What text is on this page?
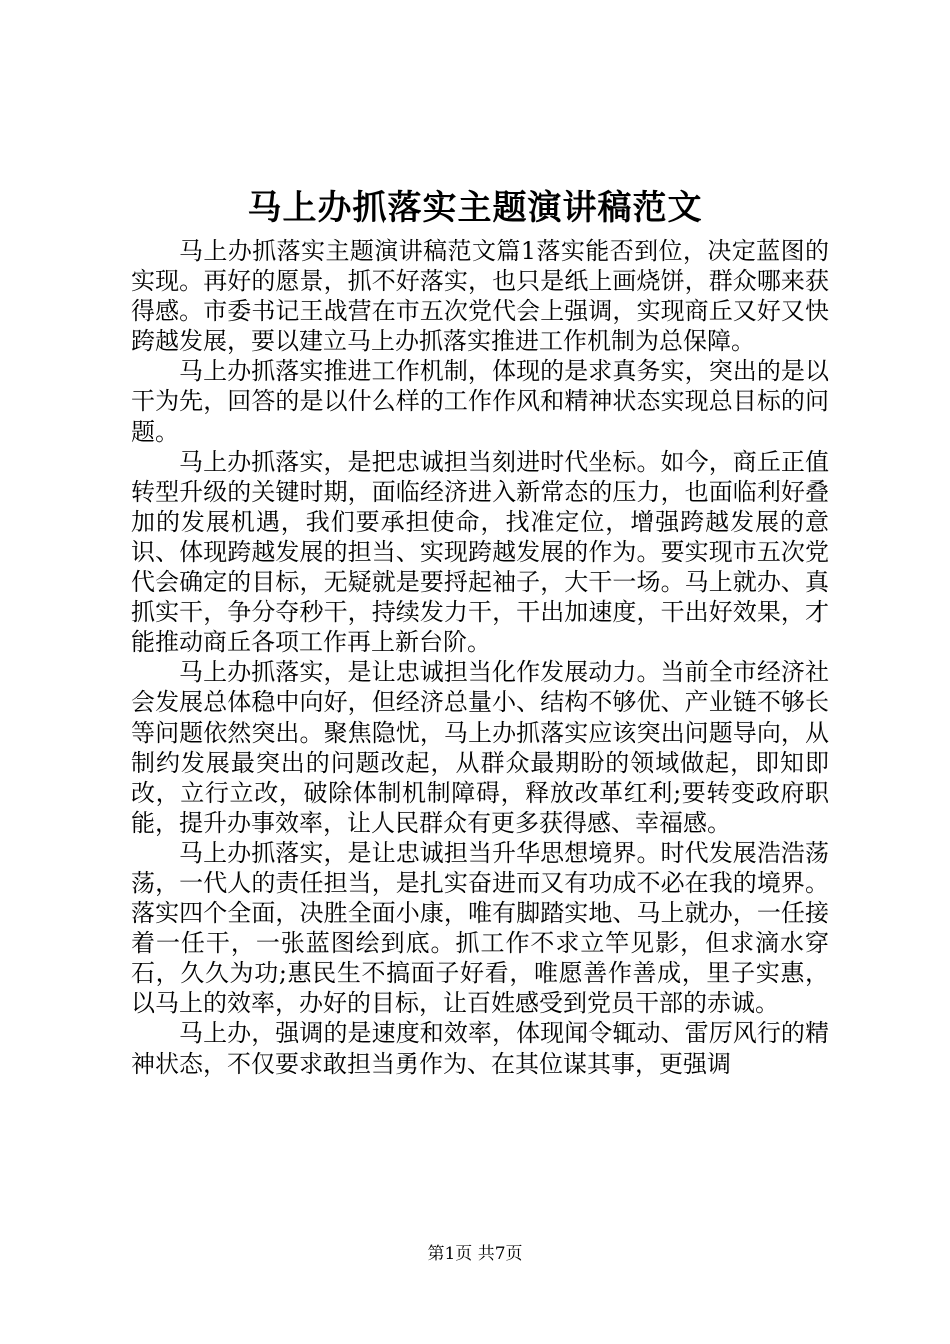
马上办抓落实主题演讲稿范文

马上办抓落实主题演讲稿范文篇1落实能否到位，决定蓝图的实现。再好的愿景，抓不好落实，也只是纸上画烧饼，群众哪来获得感。市委书记王战营在市五次党代会上强调，实现商丘又好又快跨越发展，要以建立马上办抓落实推进工作机制为总保障。

马上办抓落实推进工作机制，体现的是求真务实，突出的是以干为先，回答的是以什么样的工作作风和精神状态实现总目标的问题。

马上办抓落实，是把忠诚担当刻进时代坐标。如今，商丘正值转型升级的关键时期，面临经济进入新常态的压力，也面临利好叠加的发展机遇，我们要承担使命，找准定位，增强跨越发展的意识、体现跨越发展的担当、实现跨越发展的作为。要实现市五次党代会确定的目标，无疑就是要捋起袖子，大干一场。马上就办、真抓实干，争分夺秒干，持续发力干，干出加速度，干出好效果，才能推动商丘各项工作再上新台阶。

马上办抓落实，是让忠诚担当化作发展动力。当前全市经济社会发展总体稳中向好，但经济总量小、结构不够优、产业链不够长等问题依然突出。聚焦隐忧，马上办抓落实应该突出问题导向，从制约发展最突出的问题改起，从群众最期盼的领域做起，即知即改，立行立改，破除体制机制障碍，释放改革红利;要转变政府职能，提升办事效率，让人民群众有更多获得感、幸福感。

马上办抓落实，是让忠诚担当升华思想境界。时代发展浩浩荡荡，一代人的责任担当，是扎实奋进而又有功成不必在我的境界。落实四个全面，决胜全面小康，唯有脚踏实地、马上就办，一任接着一任干，一张蓝图绘到底。抓工作不求立竿见影，但求滴水穿石，久久为功;惠民生不搞面子好看，唯愿善作善成，里子实惠，以马上的效率，办好的目标，让百姓感受到党员干部的赤诚。

马上办，强调的是速度和效率，体现闻令辄动、雷厉风行的精神状态，不仅要求敢担当勇作为、在其位谋其事，更强调

第1页 共7页
